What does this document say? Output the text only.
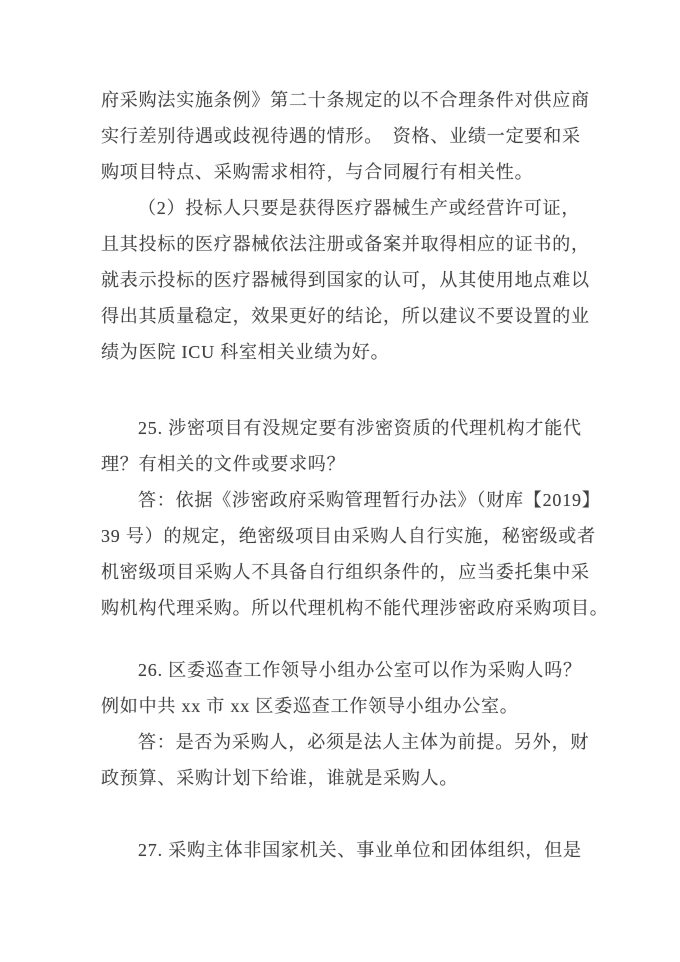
府采购法实施条例》第二十条规定的以不合理条件对供应商
实行差别待遇或歧视待遇的情形。　资格、业绩一定要和采
购项目特点、采购需求相符，与合同履行有相关性。
（2）投标人只要是获得医疗器械生产或经营许可证，
且其投标的医疗器械依法注册或备案并取得相应的证书的，
就表示投标的医疗器械得到国家的认可，从其使用地点难以
得出其质量稳定，效果更好的结论，所以建议不要设置的业
绩为医院 ICU 科室相关业绩为好。
25. 涉密项目有没规定要有涉密资质的代理机构才能代
理？有相关的文件或要求吗？
答：依据《涉密政府采购管理暂行办法》（财库【2019】
39 号）的规定，绝密级项目由采购人自行实施，秘密级或者
机密级项目采购人不具备自行组织条件的，应当委托集中采
购机构代理采购。所以代理机构不能代理涉密政府采购项目。
26. 区委巡查工作领导小组办公室可以作为采购人吗？
例如中共 xx 市 xx 区委巡查工作领导小组办公室。
答：是否为采购人，必须是法人主体为前提。另外，财
政预算、采购计划下给谁，谁就是采购人。
27. 采购主体非国家机关、事业单位和团体组织，但是
